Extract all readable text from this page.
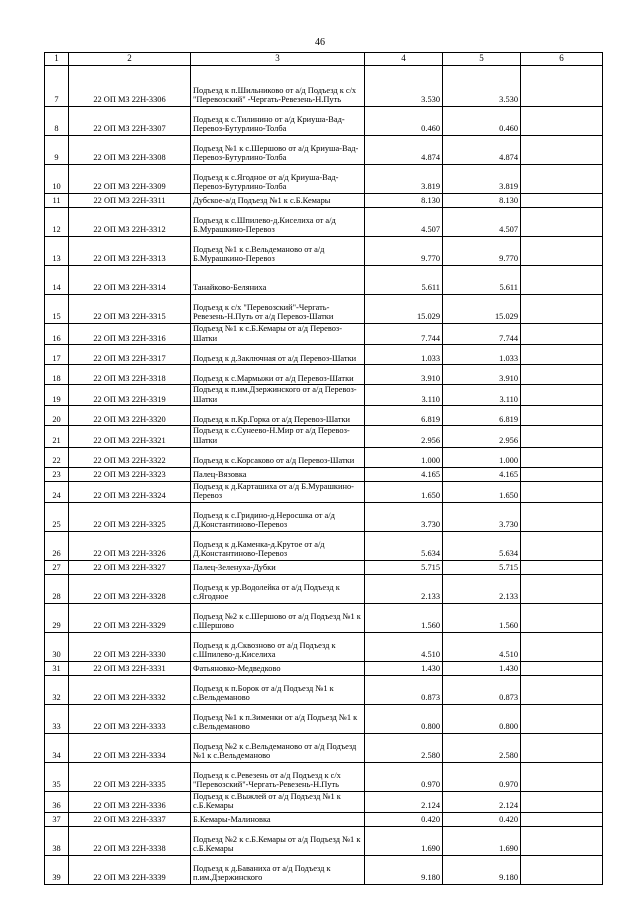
46
1	2	3	4	5	6
7	22 ОП МЗ 22Н-3306	Подъезд к п.Шильниково от а/д Подъезд к с/х "Перевозский" -Чергать-Ревезень-Н.Путь	3.530	3.530	
8	22 ОП МЗ 22Н-3307	Подъезд к с.Тилинино от а/д Криуша-Вад-Перевоз-Бутурлино-Толба	0.460	0.460	
9	22 ОП МЗ 22Н-3308	Подъезд №1 к с.Шершово от а/д Криуша-Вад-Перевоз-Бутурлино-Толба	4.874	4.874	
10	22 ОП МЗ 22Н-3309	Подъезд к с.Ягодное от а/д Криуша-Вад-Перевоз-Бутурлино-Толба	3.819	3.819	
11	22 ОП МЗ 22Н-3311	Дубское-а/д Подъезд №1 к с.Б.Кемары	8.130	8.130	
12	22 ОП МЗ 22Н-3312	Подъезд к с.Шпилево-д.Киселиха от а/д Б.Мурашкино-Перевоз	4.507	4.507	
13	22 ОП МЗ 22Н-3313	Подъезд №1 к с.Вельдеманово от а/д Б.Мурашкино-Перевоз	9.770	9.770	
14	22 ОП МЗ 22Н-3314	Танайково-Беляниха	5.611	5.611	
15	22 ОП МЗ 22Н-3315	Подъезд к с/х "Перевозский"-Чергать-Ревезень-Н.Путь от а/д Перевоз-Шатки	15.029	15.029	
16	22 ОП МЗ 22Н-3316	Подъезд №1 к с.Б.Кемары от а/д Перевоз-Шатки	7.744	7.744	
17	22 ОП МЗ 22Н-3317	Подъезд к д.Заключная от а/д Перевоз-Шатки	1.033	1.033	
18	22 ОП МЗ 22Н-3318	Подъезд к с.Мармыжи от а/д Перевоз-Шатки	3.910	3.910	
19	22 ОП МЗ 22Н-3319	Подъезд к п.им.Дзержинского от а/д Перевоз-Шатки	3.110	3.110	
20	22 ОП МЗ 22Н-3320	Подъезд к п.Кр.Горка от а/д Перевоз-Шатки	6.819	6.819	
21	22 ОП МЗ 22Н-3321	Подъезд к с.Сунеево-Н.Мир от а/д Перевоз-Шатки	2.956	2.956	
22	22 ОП МЗ 22Н-3322	Подъезд к с.Корсаково от а/д Перевоз-Шатки	1.000	1.000	
23	22 ОП МЗ 22Н-3323	Палец-Вязовка	4.165	4.165	
24	22 ОП МЗ 22Н-3324	Подъезд к д.Карташиха от а/д Б.Мурашкино-Перевоз	1.650	1.650	
25	22 ОП МЗ 22Н-3325	Подъезд к с.Гридино-д.Неросшка от а/д Д.Константиново-Перевоз	3.730	3.730	
26	22 ОП МЗ 22Н-3326	Подъезд к д.Каменка-д.Крутое от а/д Д.Константиново-Перевоз	5.634	5.634	
27	22 ОП МЗ 22Н-3327	Палец-Зеленуха-Дубки	5.715	5.715	
28	22 ОП МЗ 22Н-3328	Подъезд к ур.Водолейка от а/д Подъезд к с.Ягодное	2.133	2.133	
29	22 ОП МЗ 22Н-3329	Подъезд №2 к с.Шершово от а/д Подъезд №1 к с.Шершово	1.560	1.560	
30	22 ОП МЗ 22Н-3330	Подъезд к д.Сквозново от а/д Подъезд к с.Шпилево-д.Киселиха	4.510	4.510	
31	22 ОП МЗ 22Н-3331	Фатьяновко-Медведково	1.430	1.430	
32	22 ОП МЗ 22Н-3332	Подъезд к п.Борок от а/д Подъезд №1 к с.Вельдеманово	0.873	0.873	
33	22 ОП МЗ 22Н-3333	Подъезд №1 к п.Зименки от а/д Подъезд №1 к с.Вельдеманово	0.800	0.800	
34	22 ОП МЗ 22Н-3334	Подъезд №2 к с.Вельдеманово от а/д Подъезд №1 к с.Вельдеманово	2.580	2.580	
35	22 ОП МЗ 22Н-3335	Подъезд к с.Ревезень от а/д Подъезд к с/х "Перевозский"-Чергать-Ревезень-Н.Путь	0.970	0.970	
36	22 ОП МЗ 22Н-3336	Подъезд к с.Выжлей от а/д Подъезд №1 к с.Б.Кемары	2.124	2.124	
37	22 ОП МЗ 22Н-3337	Б.Кемары-Малиновка	0.420	0.420	
38	22 ОП МЗ 22Н-3338	Подъезд №2 к с.Б.Кемары от а/д Подъезд №1 к с.Б.Кемары	1.690	1.690	
39	22 ОП МЗ 22Н-3339	Подъезд к д.Баваниха от а/д Подъезд к п.им.Дзержинского	9.180	9.180	
